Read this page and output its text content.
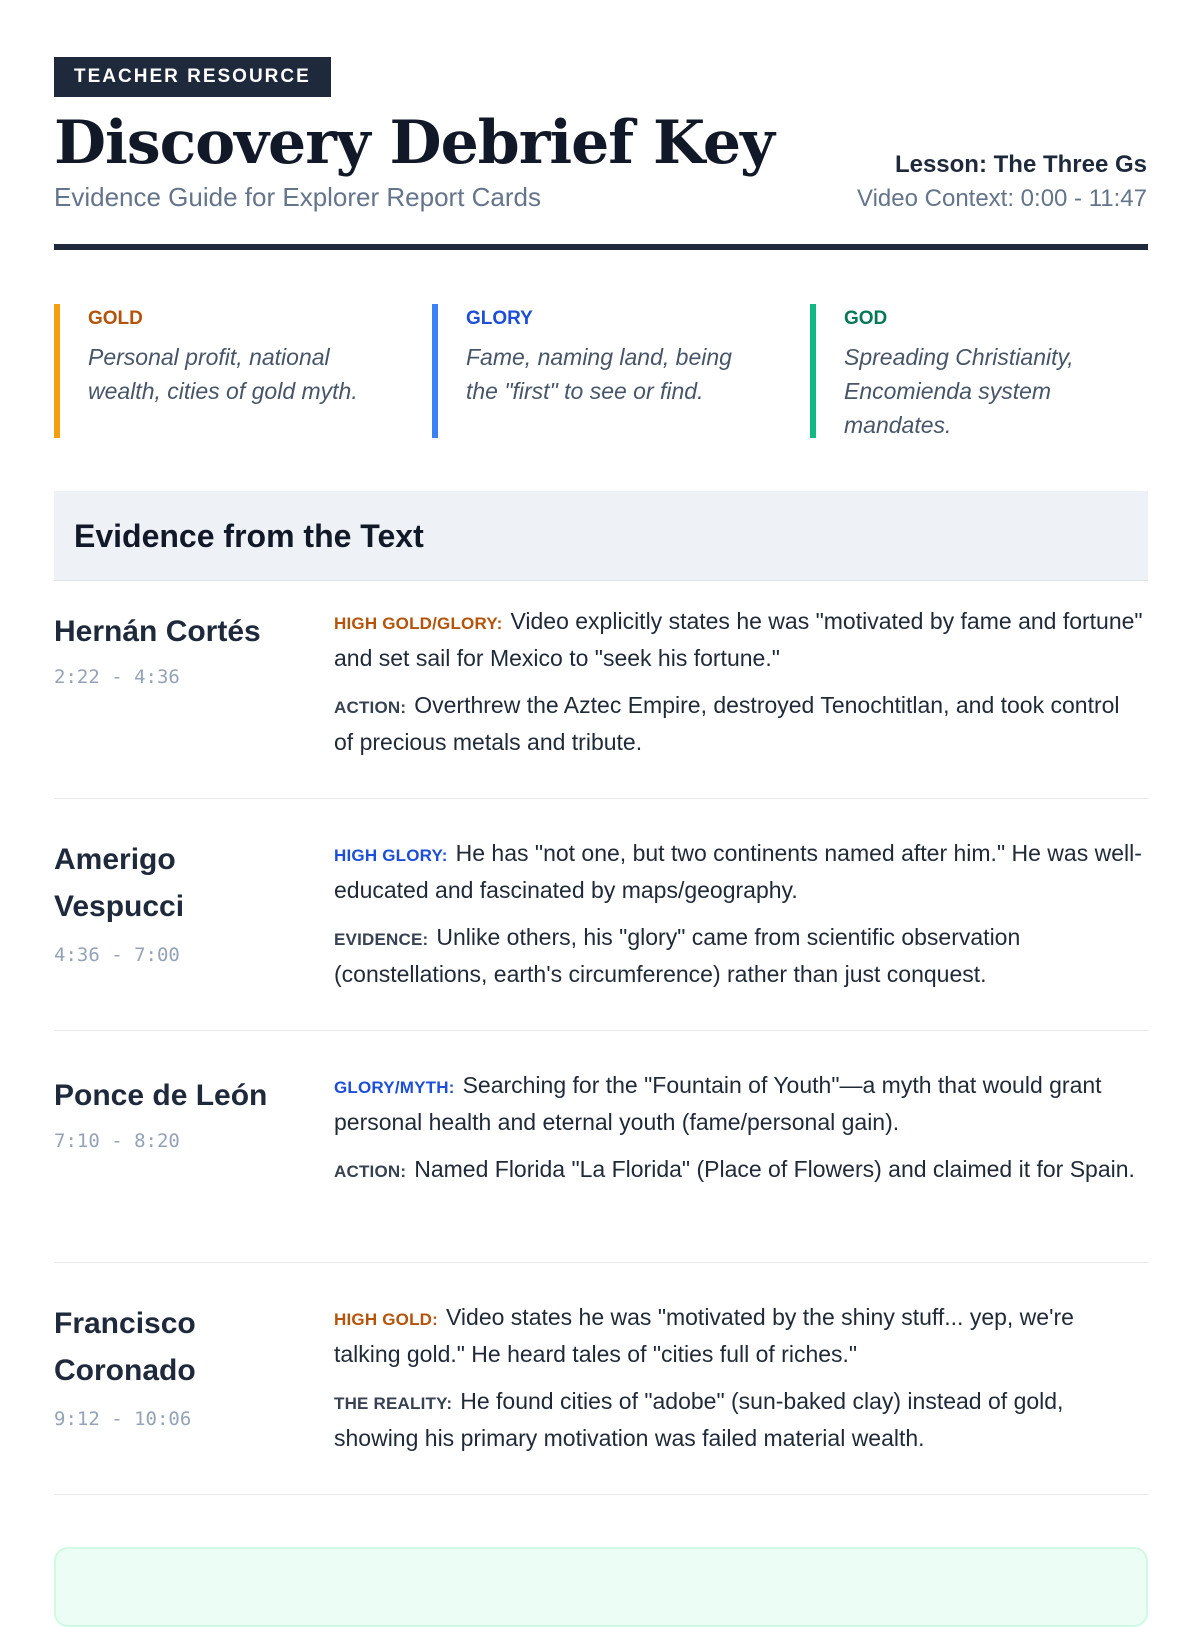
TEACHER RESOURCE
Discovery Debrief Key
Evidence Guide for Explorer Report Cards
Lesson: The Three Gs
Video Context: 0:00 - 11:47
GOLD
Personal profit, national wealth, cities of gold myth.
GLORY
Fame, naming land, being the "first" to see or find.
GOD
Spreading Christianity, Encomienda system mandates.
Evidence from the Text
Hernán Cortés
2:22 - 4:36

HIGH GOLD/GLORY: Video explicitly states he was "motivated by fame and fortune" and set sail for Mexico to "seek his fortune."

ACTION: Overthrew the Aztec Empire, destroyed Tenochtitlan, and took control of precious metals and tribute.

Amerigo Vespucci
4:36 - 7:00

HIGH GLORY: He has "not one, but two continents named after him." He was well-educated and fascinated by maps/geography.

EVIDENCE: Unlike others, his "glory" came from scientific observation (constellations, earth's circumference) rather than just conquest.

Ponce de León
7:10 - 8:20

GLORY/MYTH: Searching for the "Fountain of Youth"—a myth that would grant personal health and eternal youth (fame/personal gain).

ACTION: Named Florida "La Florida" (Place of Flowers) and claimed it for Spain.

Francisco Coronado
9:12 - 10:06

HIGH GOLD: Video states he was "motivated by the shiny stuff... yep, we're talking gold." He heard tales of "cities full of riches."

THE REALITY: He found cities of "adobe" (sun-baked clay) instead of gold, showing his primary motivation was failed material wealth.
